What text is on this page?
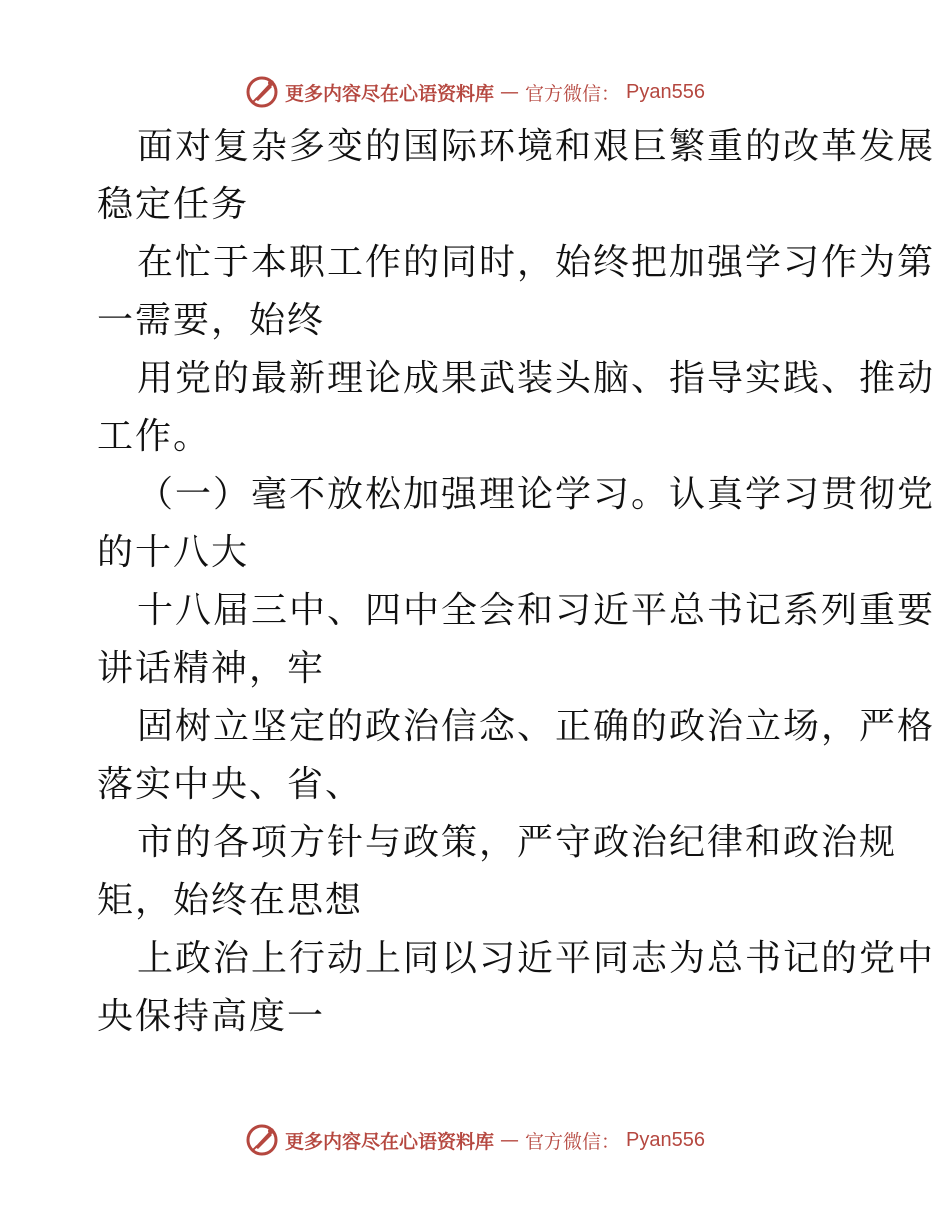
更多内容尽在心语资料库 — 官方微信： Pyan556
面对复杂多变的国际环境和艰巨繁重的改革发展
稳定任务
在忙于本职工作的同时，始终把加强学习作为第
一需要，始终
用党的最新理论成果武装头脑、指导实践、推动
工作。
（一）毫不放松加强理论学习。认真学习贯彻党
的十八大
十八届三中、四中全会和习近平总书记系列重要
讲话精神，牢
固树立坚定的政治信念、正确的政治立场，严格
落实中央、省、
市的各项方针与政策，严守政治纪律和政治规
矩，始终在思想
上政治上行动上同以习近平同志为总书记的党中
央保持高度一
更多内容尽在心语资料库 — 官方微信： Pyan556
